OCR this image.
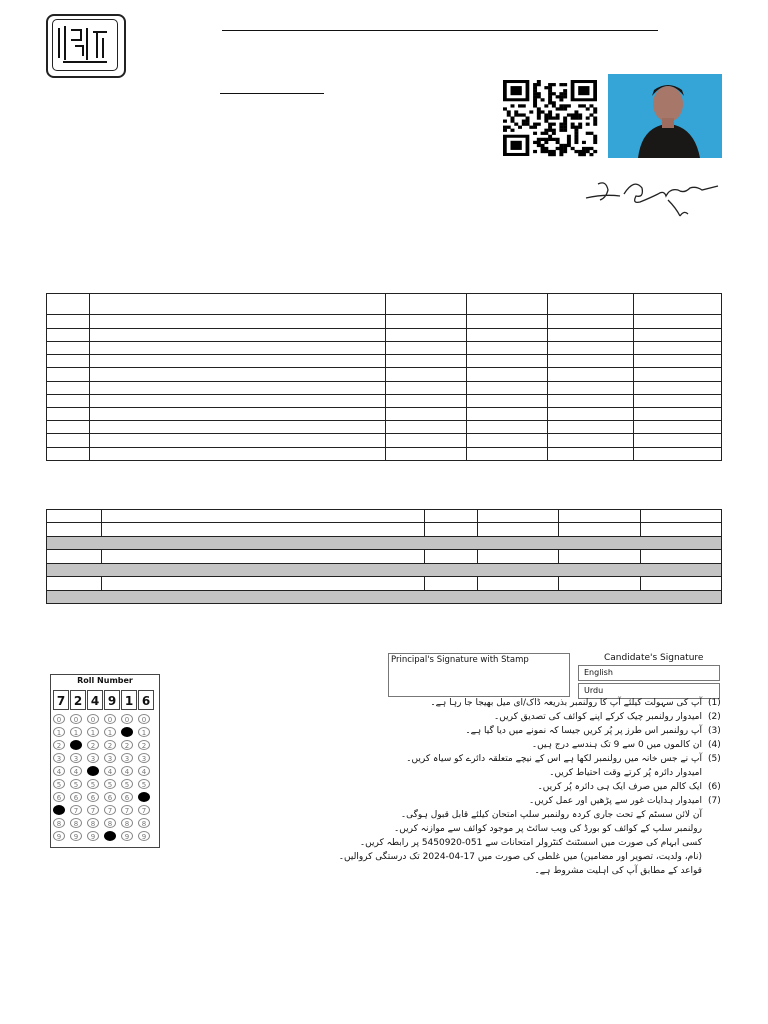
Principal's Signature with Stamp	Candidate's Signature
English
Urdu
Roll Number
7 2 4 9 1 6
0	0	0	0	0	0
1	1	1	1	1	1
2	2	2	2	2	2
3	3	3	3	3	3
4	4	4	4	4	4
5	5	5	5	5	5
6	6	6	6	6	6
7	7	7	7	7	7
8	8	8	8	8	8
9	9	9	9	9	9
آپ کی سہولت کیلئے آپ کا رولنمبر بذریعہ ڈاک/ای میل بھیجا جا رہا ہے۔ (1)
امیدوار رولنمبر چیک کرکے اپنے کوائف کی تصدیق کریں۔ (2)
آپ رولنمبر اس طرز پر پُر کریں جیسا کہ نمونے میں دیا گیا ہے۔ (3)
ان کالموں میں 0 سے 9 تک ہندسے درج ہیں۔ (4)
آپ نے جس خانہ میں رولنمبر لکھا ہے اس کے نیچے متعلقہ دائرے کو سیاہ کریں۔ (5)
امیدوار دائرہ پُر کرتے وقت احتیاط کریں۔
ایک کالم میں صرف ایک ہی دائرہ پُر کریں۔ (6)
امیدوار ہدایات غور سے پڑھیں اور عمل کریں۔ (7)
آن لائن سسٹم کے تحت جاری کردہ رولنمبر سلپ امتحان کیلئے قابل قبول ہوگی۔
رولنمبر سلپ کے کوائف کو بورڈ کی ویب سائٹ پر موجود کوائف سے موازنہ کریں۔
کسی ابہام کی صورت میں اسسٹنٹ کنٹرولر امتحانات سے 051-5450920 پر رابطہ کریں۔
(نام، ولدیت، تصویر اور مضامین) میں غلطی کی صورت میں 17-04-2024 تک درستگی کروالیں۔
قواعد کے مطابق آپ کی اہلیت مشروط ہے۔
